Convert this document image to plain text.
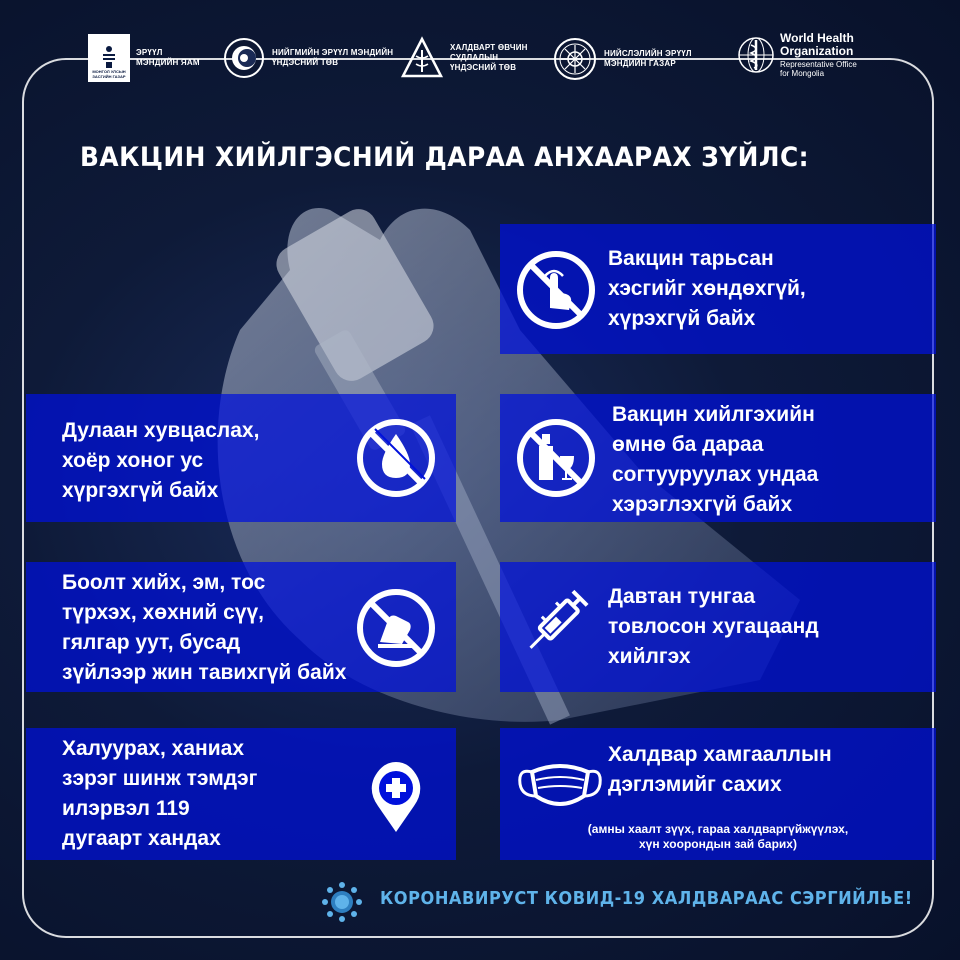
МОНГОЛ УЛСЫН
ЗАСГИЙН ГАЗАР
ЭРҮҮЛ
МЭНДИЙН ЯАМ
НИЙГМИЙН ЭРҮҮЛ МЭНДИЙН
ҮНДЭСНИЙ ТӨВ
ХАЛДВАРТ ӨВЧИН
СУДЛАЛЫН
ҮНДЭСНИЙ ТӨВ
НИЙСЛЭЛИЙН ЭРҮҮЛ
МЭНДИЙН ГАЗАР
World Health
Organization
Representative Office
for Mongolia
ВАКЦИН ХИЙЛГЭСНИЙ ДАРАА АНХААРАХ ЗҮЙЛС:
Вакцин тарьсан
хэсгийг хөндөхгүй,
хүрэхгүй байх
Дулаан хувцаслах,
хоёр хоног ус
хүргэхгүй байх
Вакцин хийлгэхийн
өмнө ба дараа
согтууруулах ундаа
хэрэглэхгүй байх
Боолт хийх, эм, тос
түрхэх, хөхний сүү,
гялгар уут, бусад
зүйлээр жин тавихгүй байх
Давтан тунгаа
товлосон хугацаанд
хийлгэх
Халуурах, ханиах
зэрэг шинж тэмдэг
илэрвэл 119
дугаарт хандах
Халдвар хамгааллын
дэглэмийг сахих
(амны хаалт зүүх, гараа халдваргүйжүүлэх,
хүн хоорондын зай барих)
КОРОНАВИРУСТ КОВИД-19 ХАЛДВАРААС СЭРГИЙЛЬЕ!
